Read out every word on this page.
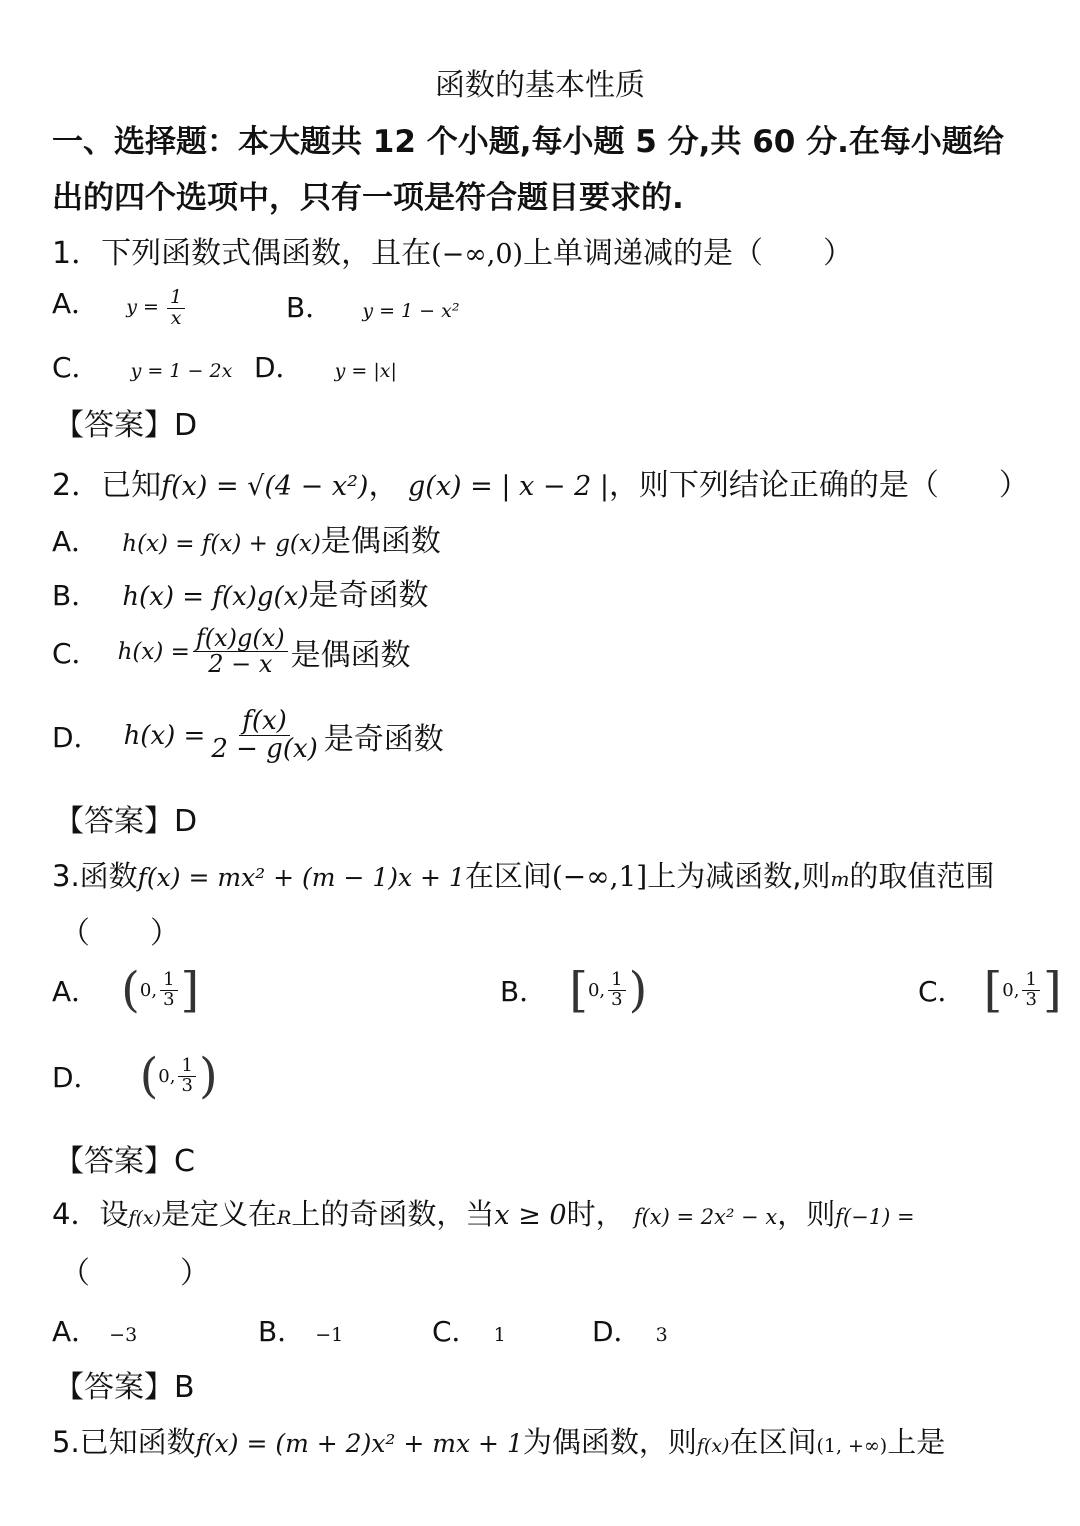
函数的基本性质
一、选择题：本大题共 12 个小题,每小题 5 分,共 60 分.在每小题给
出的四个选项中，只有一项是符合题目要求的.
1．下列函数式偶函数，且在(−∞,0)上单调递减的是（　　）
A． $y = \frac{1}{x}$	B． y = 1 − x²
C． y = 1 − 2x D． y = |x|
【答案】D
2．已知f(x) = √(4 − x²)， g(x) = | x − 2 |，则下列结论正确的是（　　）
A． h(x) = f(x) + g(x)是偶函数
B． h(x) = f(x)g(x)是奇函数
C． $h(x) = \frac{f(x)g(x)}{2 - x}$ 是偶函数
D． $h(x) = \frac{f(x)}{2 - g(x)}$ 是奇函数
【答案】D
3.函数f(x) = mx² + (m − 1)x + 1在区间(−∞,1]上为减函数,则m的取值范围
（　　）
A． ( 0, $\frac{1}{3}$ ]	B． [ 0, $\frac{1}{3}$ )	C． [ 0, $\frac{1}{3}$ ]
D． ( 0, $\frac{1}{3}$ )
【答案】C
4．设f(x)是定义在R上的奇函数，当x ≥ 0时， f(x) = 2x² − x，则f(−1) =
（　　　）
A． −3	B． −1	C． 1	D． 3
【答案】B
5.已知函数f(x) = (m + 2)x² + mx + 1为偶函数，则f(x)在区间(1, +∞)上是
